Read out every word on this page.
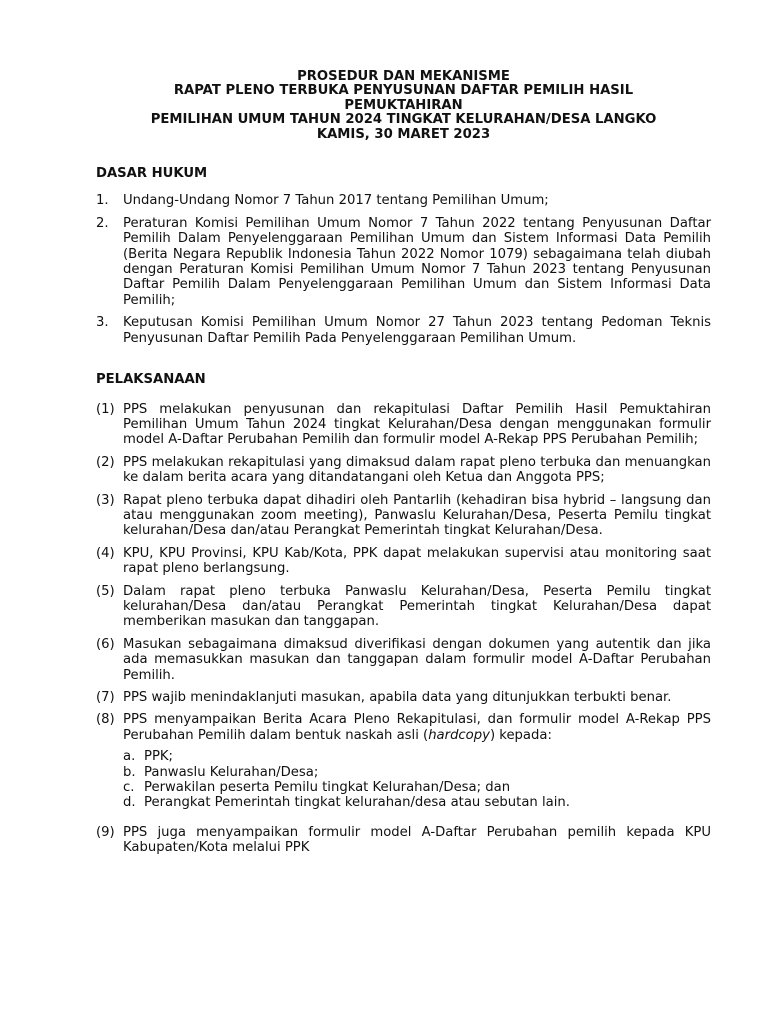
PROSEDUR DAN MEKANISME
RAPAT PLENO TERBUKA PENYUSUNAN DAFTAR PEMILIH HASIL
PEMUKTAHIRAN
PEMILIHAN UMUM TAHUN 2024 TINGKAT KELURAHAN/DESA LANGKO
KAMIS, 30 MARET 2023
DASAR HUKUM
1. Undang-Undang Nomor 7 Tahun 2017 tentang Pemilihan Umum;
2. Peraturan Komisi Pemilihan Umum Nomor 7 Tahun 2022 tentang Penyusunan Daftar Pemilih Dalam Penyelenggaraan Pemilihan Umum dan Sistem Informasi Data Pemilih (Berita Negara Republik Indonesia Tahun 2022 Nomor 1079) sebagaimana telah diubah dengan Peraturan Komisi Pemilihan Umum Nomor 7 Tahun 2023 tentang Penyusunan Daftar Pemilih Dalam Penyelenggaraan Pemilihan Umum dan Sistem Informasi Data Pemilih;
3. Keputusan Komisi Pemilihan Umum Nomor 27 Tahun 2023 tentang Pedoman Teknis Penyusunan Daftar Pemilih Pada Penyelenggaraan Pemilihan Umum.
PELAKSANAAN
(1) PPS melakukan penyusunan dan rekapitulasi Daftar Pemilih Hasil Pemuktahiran Pemilihan Umum Tahun 2024 tingkat Kelurahan/Desa dengan menggunakan formulir model A-Daftar Perubahan Pemilih dan formulir model A-Rekap PPS Perubahan Pemilih;
(2) PPS melakukan rekapitulasi yang dimaksud dalam rapat pleno terbuka dan menuangkan ke dalam berita acara yang ditandatangani oleh Ketua dan Anggota PPS;
(3) Rapat pleno terbuka dapat dihadiri oleh Pantarlih (kehadiran bisa hybrid – langsung dan atau menggunakan zoom meeting), Panwaslu Kelurahan/Desa, Peserta Pemilu tingkat kelurahan/Desa dan/atau Perangkat Pemerintah tingkat Kelurahan/Desa.
(4) KPU, KPU Provinsi, KPU Kab/Kota, PPK dapat melakukan supervisi atau monitoring saat rapat pleno berlangsung.
(5) Dalam rapat pleno terbuka Panwaslu Kelurahan/Desa, Peserta Pemilu tingkat kelurahan/Desa dan/atau Perangkat Pemerintah tingkat Kelurahan/Desa dapat memberikan masukan dan tanggapan.
(6) Masukan sebagaimana dimaksud diverifikasi dengan dokumen yang autentik dan jika ada memasukkan masukan dan tanggapan dalam formulir model A-Daftar Perubahan Pemilih.
(7) PPS wajib menindaklanjuti masukan, apabila data yang ditunjukkan terbukti benar.
(8) PPS menyampaikan Berita Acara Pleno Rekapitulasi, dan formulir model A-Rekap PPS Perubahan Pemilih dalam bentuk naskah asli (hardcopy) kepada:
a. PPK;
b. Panwaslu Kelurahan/Desa;
c. Perwakilan peserta Pemilu tingkat Kelurahan/Desa; dan
d. Perangkat Pemerintah tingkat kelurahan/desa atau sebutan lain.
(9) PPS juga menyampaikan formulir model A-Daftar Perubahan pemilih kepada KPU Kabupaten/Kota melalui PPK
